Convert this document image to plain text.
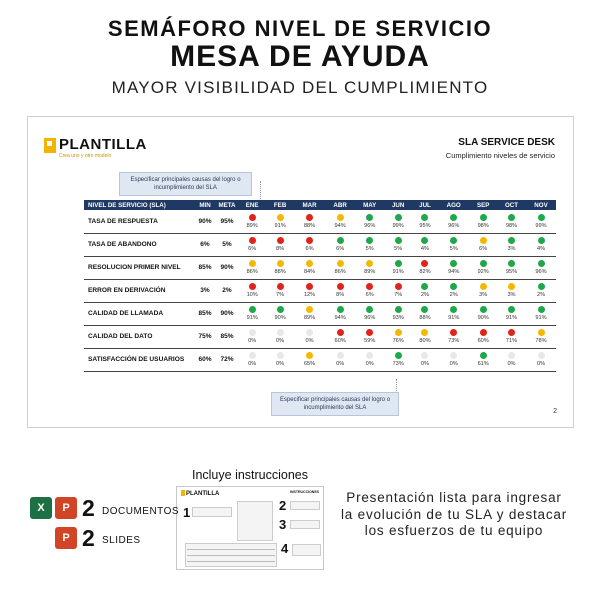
SEMÁFORO NIVEL DE SERVICIO
MESA DE AYUDA
MAYOR VISIBILIDAD DEL CUMPLIMIENTO
PLANTILLA
Crea uno y otro modelo
SLA SERVICE DESK
Cumplimiento niveles de servicio
Especificar principales causas del logro o incumplimiento del SLA
NIVEL DE SERVICIO (SLA)	MIN	META	ENE	FEB	MAR	ABR	MAY	JUN	JUL	AGO	SEP	OCT	NOV
TASA DE RESPUESTA	90%	95%	89%	91%	88%	94%	96%	99%	95%	96%	98%	98%	99%

TASA DE ABANDONO	6%	5%	6%	8%	6%	6%	5%	5%	4%	5%	6%	3%	4%

RESOLUCION PRIMER NIVEL	85%	90%	86%	88%	84%	86%	89%	91%	82%	94%	92%	95%	96%

ERROR EN DERIVACIÓN	3%	2%	10%	7%	12%	8%	6%	7%	2%	2%	3%	3%	2%

CALIDAD DE LLAMADA	85%	90%	91%	90%	89%	94%	96%	93%	88%	91%	90%	91%	91%

CALIDAD DEL DATO	75%	85%	0%	0%	0%	60%	59%	76%	80%	73%	60%	71%	78%

SATISFACCIÓN DE USUARIOS	60%	72%	0%	0%	65%	0%	0%	73%	0%	0%	61%	0%	0%
Especificar principales causas del logro o incumplimiento del SLA	2
Incluye instrucciones
PLANTILLA	INSTRUCCIONES
1	2
3
4
X	P 2 DOCUMENTOS
P 2 SLIDES
Presentación lista para ingresar la evolución de tu SLA y destacar los esfuerzos de tu equipo
